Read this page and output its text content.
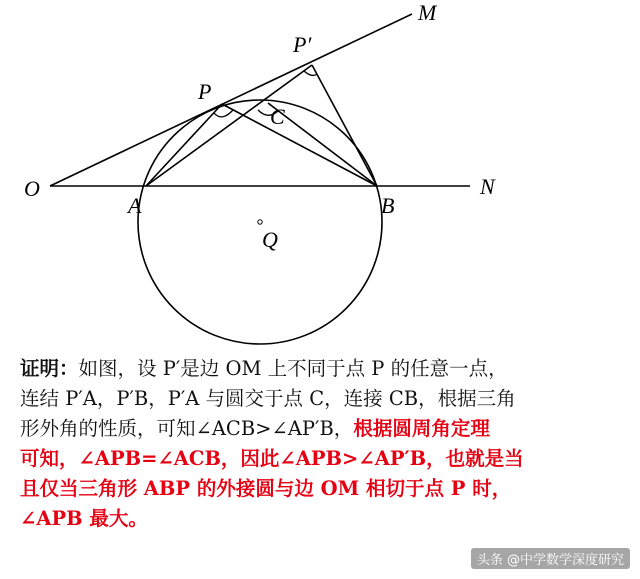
O
M
N
P
P′
C
A	B
Q
证明：如图，设 P′是边 OM 上不同于点 P 的任意一点，
连结 P′A，P′B，P′A 与圆交于点 C，连接 CB，根据三角
形外角的性质，可知∠ACB>∠AP′B，根据圆周角定理
可知，∠APB=∠ACB，因此∠APB>∠AP′B，也就是当
且仅当三角形 ABP 的外接圆与边 OM 相切于点 P 时，
∠APB 最大。
头条 @中学数学深度研究
